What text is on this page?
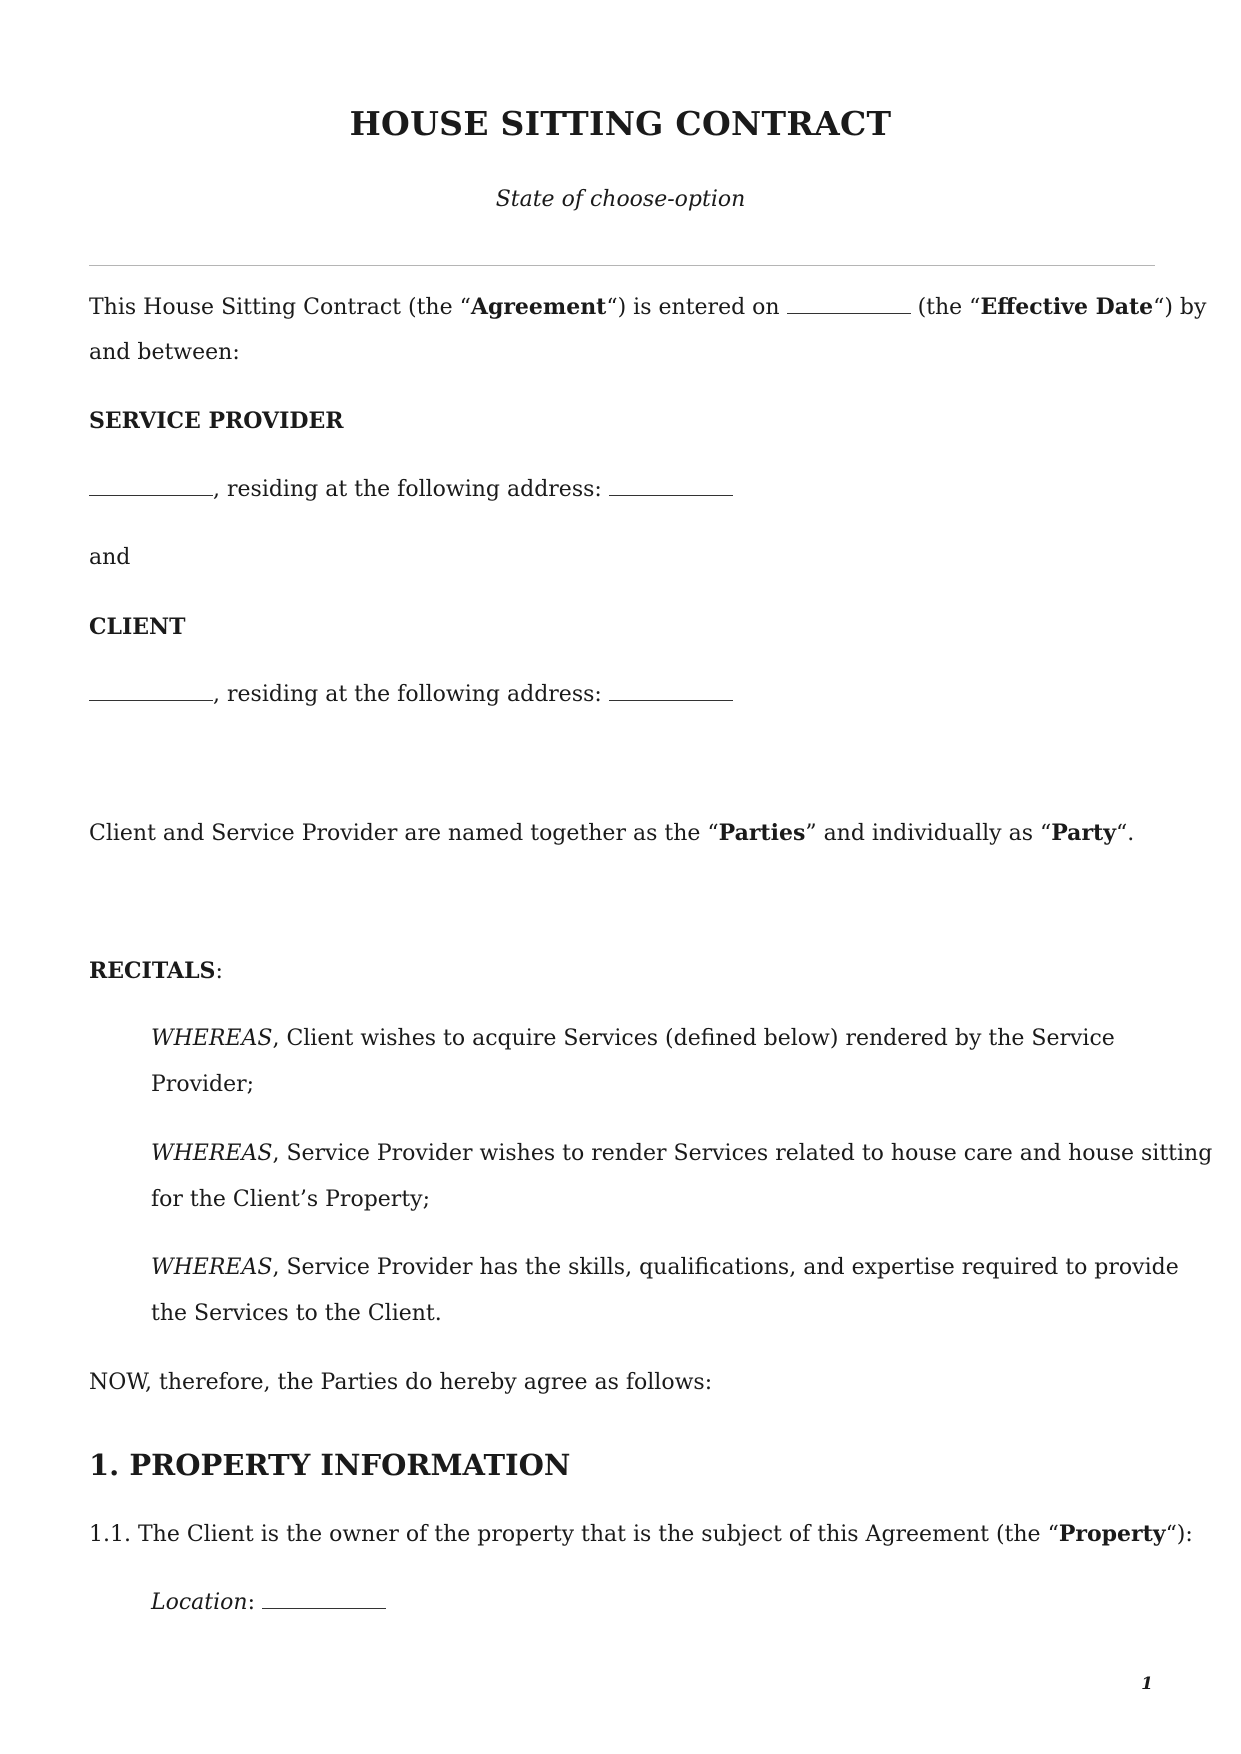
HOUSE SITTING CONTRACT
State of choose-option

This House Sitting Contract (the “Agreement“) is entered on	(the “Effective Date“) by

and between:

SERVICE PROVIDER

, residing at the following address:

and

CLIENT

, residing at the following address:

Client and Service Provider are named together as the “Parties” and individually as “Party“.

RECITALS:

WHEREAS, Client wishes to acquire Services (defined below) rendered by the Service

Provider;

WHEREAS, Service Provider wishes to render Services related to house care and house sitting

for the Client’s Property;

WHEREAS, Service Provider has the skills, qualifications, and expertise required to provide

the Services to the Client.

NOW, therefore, the Parties do hereby agree as follows:

1. PROPERTY INFORMATION

1.1. The Client is the owner of the property that is the subject of this Agreement (the “Property“):

Location:

1
